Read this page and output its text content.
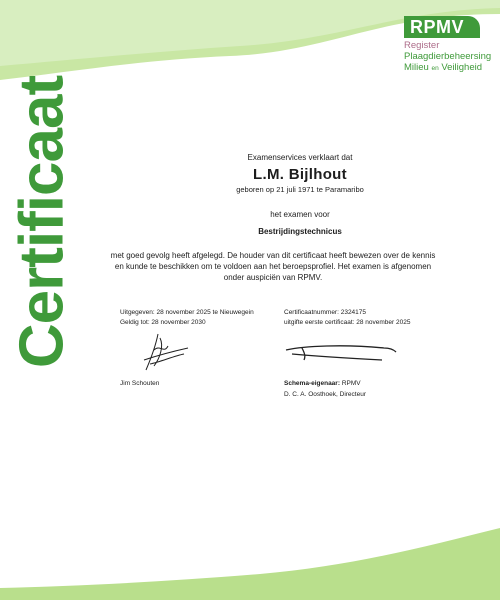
Certificaat
RPMV
Register
Plaagdierbeheersing
Milieu en Veiligheid
Examenservices verklaart dat
L.M. Bijlhout
geboren op 21 juli 1971 te Paramaribo
het examen voor
Bestrijdingstechnicus
met goed gevolg heeft afgelegd. De houder van dit certificaat heeft bewezen over de kennis en kunde te beschikken om te voldoen aan het beroepsprofiel. Het examen is afgenomen onder auspiciën van RPMV.
Uitgegeven: 28 november 2025 te Nieuwegein
Geldig tot: 28 november 2030
Certificaatnummer: 2324175
uitgifte eerste certificaat: 28 november 2025
Jim Schouten	Schema-eigenaar: RPMV
D. C. A. Oosthoek, Directeur
